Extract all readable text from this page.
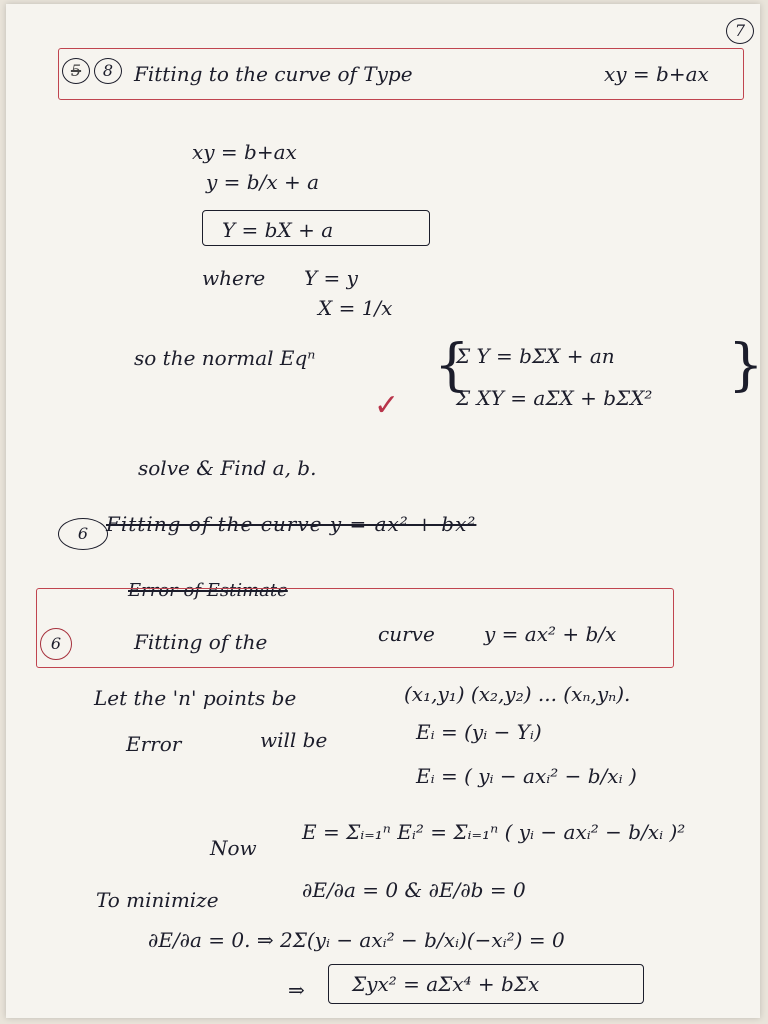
7
5	8	Fitting to the curve of Type	xy = b+ax
xy = b+ax
y = b/x + a
Y = bX + a
where Y = y
X = 1/x
so the normal Eqⁿ {
Σ Y = bΣX + an
Σ XY = aΣX + bΣX² }
✓
solve & Find a, b.
6 Fitting of the curve y = ax² + bx²
Error of Estimate
6	Fitting of the	curve y = ax² + b/x
Let the 'n' points be	(x₁,y₁) (x₂,y₂) ... (xₙ,yₙ).
Error	will be	Eᵢ = (yᵢ − Yᵢ)
Eᵢ = ( yᵢ − axᵢ² − b/xᵢ )
Now
E = Σᵢ₌₁ⁿ Eᵢ² = Σᵢ₌₁ⁿ ( yᵢ − axᵢ² − b/xᵢ )²
To minimize	∂E/∂a = 0 & ∂E/∂b = 0
∂E/∂a = 0. ⇒ 2Σ(yᵢ − axᵢ² − b/xᵢ)(−xᵢ²) = 0
⇒ Σyx² = aΣx⁴ + bΣx
